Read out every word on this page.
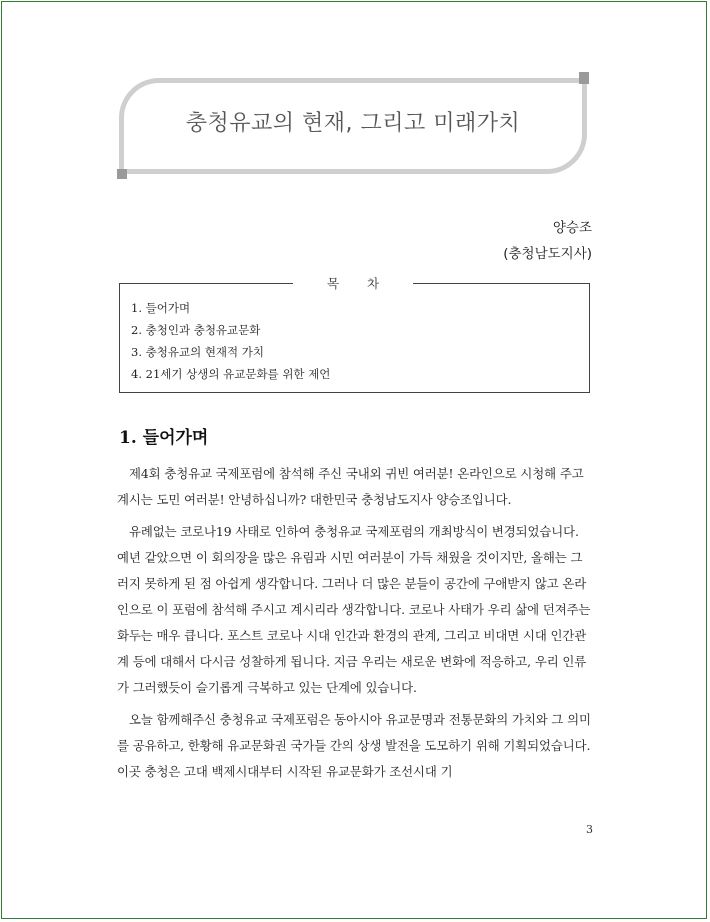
충청유교의 현재, 그리고 미래가치
양승조
(충청남도지사)
목 차
1. 들어가며
2. 충청인과 충청유교문화
3. 충청유교의 현재적 가치
4. 21세기 상생의 유교문화를 위한 제언
1. 들어가며

제4회 충청유교 국제포럼에 참석해 주신 국내외 귀빈 여러분! 온라인으로 시청해 주고 계시는 도민 여러분! 안녕하십니까? 대한민국 충청남도지사 양승조입니다.

유례없는 코로나19 사태로 인하여 충청유교 국제포럼의 개최방식이 변경되었습니다. 예년 같았으면 이 회의장을 많은 유림과 시민 여러분이 가득 채웠을 것이지만, 올해는 그러지 못하게 된 점 아쉽게 생각합니다. 그러나 더 많은 분들이 공간에 구애받지 않고 온라인으로 이 포럼에 참석해 주시고 계시리라 생각합니다. 코로나 사태가 우리 삶에 던져주는 화두는 매우 큽니다. 포스트 코로나 시대 인간과 환경의 관계, 그리고 비대면 시대 인간관계 등에 대해서 다시금 성찰하게 됩니다. 지금 우리는 새로운 변화에 적응하고, 우리 인류가 그러했듯이 슬기롭게 극복하고 있는 단계에 있습니다.

오늘 함께해주신 충청유교 국제포럼은 동아시아 유교문명과 전통문화의 가치와 그 의미를 공유하고, 한황해 유교문화권 국가들 간의 상생 발전을 도모하기 위해 기획되었습니다. 이곳 충청은 고대 백제시대부터 시작된 유교문화가 조선시대 기

3
